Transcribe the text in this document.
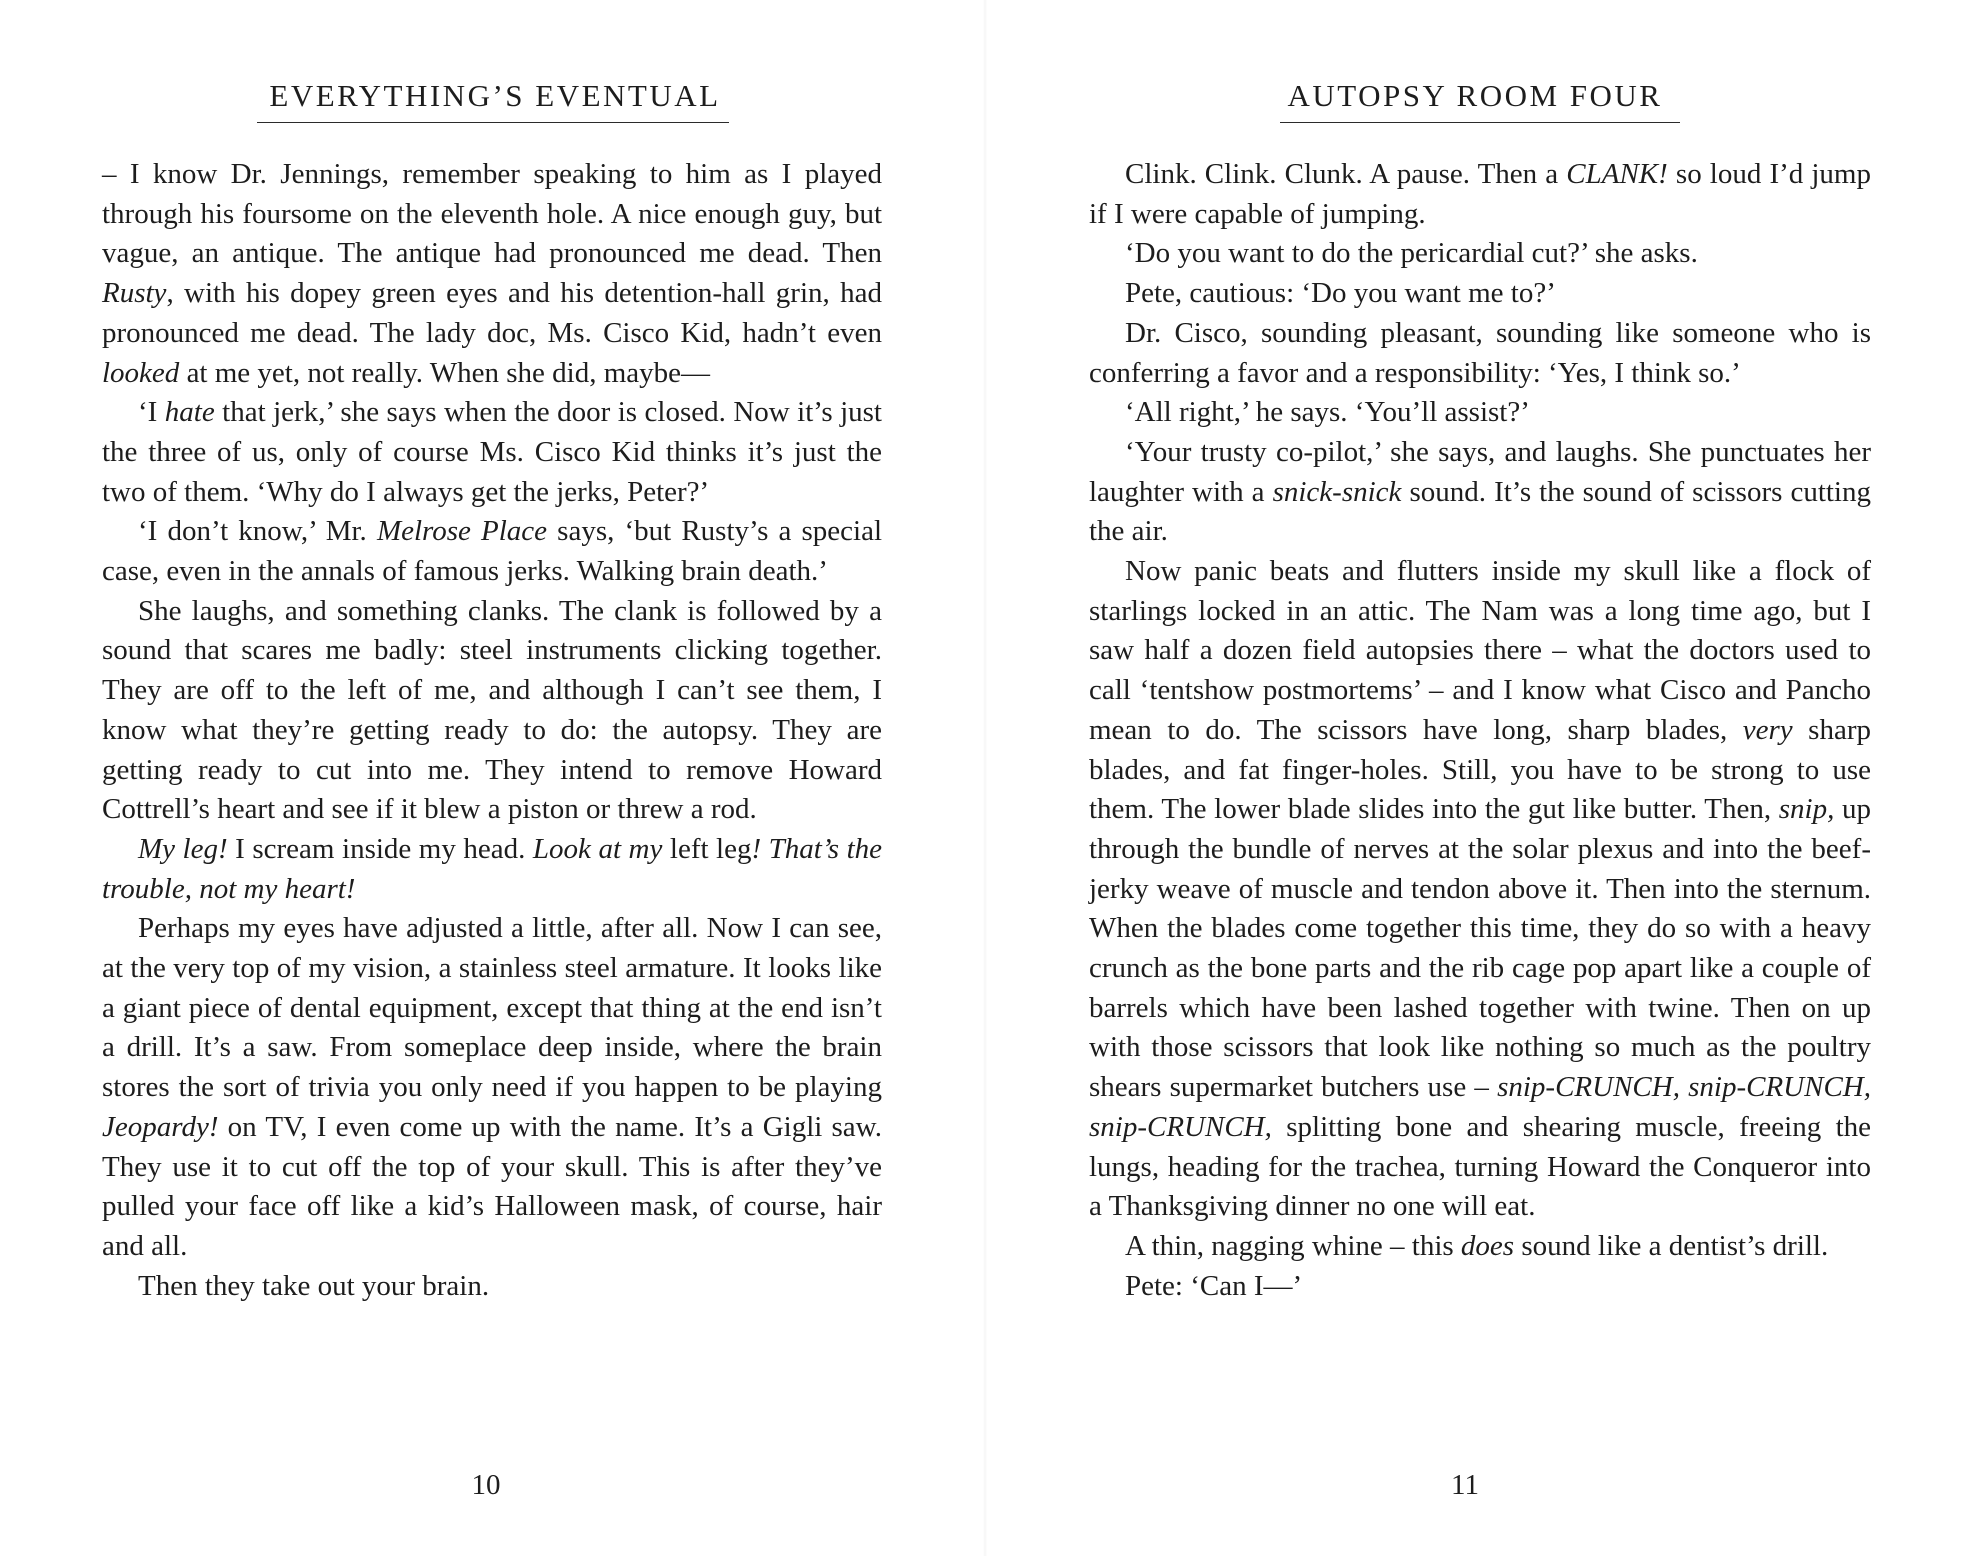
EVERYTHING’S EVENTUAL

– I know Dr. Jennings, remember speaking to him as I played through his foursome on the eleventh hole. A nice enough guy, but vague, an antique. The antique had pronounced me dead. Then Rusty, with his dopey green eyes and his detention-hall grin, had pronounced me dead. The lady doc, Ms. Cisco Kid, hadn’t even looked at me yet, not really. When she did, maybe—

‘I hate that jerk,’ she says when the door is closed. Now it’s just the three of us, only of course Ms. Cisco Kid thinks it’s just the two of them. ‘Why do I always get the jerks, Peter?’

‘I don’t know,’ Mr. Melrose Place says, ‘but Rusty’s a special case, even in the annals of famous jerks. Walking brain death.’

She laughs, and something clanks. The clank is followed by a sound that scares me badly: steel instruments clicking together. They are off to the left of me, and although I can’t see them, I know what they’re getting ready to do: the autopsy. They are getting ready to cut into me. They intend to remove Howard Cottrell’s heart and see if it blew a piston or threw a rod.

My leg! I scream inside my head. Look at my left leg! That’s the trouble, not my heart!

Perhaps my eyes have adjusted a little, after all. Now I can see, at the very top of my vision, a stainless steel armature. It looks like a giant piece of dental equipment, except that thing at the end isn’t a drill. It’s a saw. From someplace deep inside, where the brain stores the sort of trivia you only need if you happen to be playing Jeopardy! on TV, I even come up with the name. It’s a Gigli saw. They use it to cut off the top of your skull. This is after they’ve pulled your face off like a kid’s Halloween mask, of course, hair and all.

Then they take out your brain.

10
AUTOPSY ROOM FOUR

Clink. Clink. Clunk. A pause. Then a CLANK! so loud I’d jump if I were capable of jumping.

‘Do you want to do the pericardial cut?’ she asks.

Pete, cautious: ‘Do you want me to?’

Dr. Cisco, sounding pleasant, sounding like someone who is conferring a favor and a responsibility: ‘Yes, I think so.’

‘All right,’ he says. ‘You’ll assist?’

‘Your trusty co-pilot,’ she says, and laughs. She punctuates her laughter with a snick-snick sound. It’s the sound of scissors cutting the air.

Now panic beats and flutters inside my skull like a flock of starlings locked in an attic. The Nam was a long time ago, but I saw half a dozen field autopsies there – what the doctors used to call ‘tentshow postmortems’ – and I know what Cisco and Pancho mean to do. The scissors have long, sharp blades, very sharp blades, and fat finger-holes. Still, you have to be strong to use them. The lower blade slides into the gut like butter. Then, snip, up through the bundle of nerves at the solar plexus and into the beef-jerky weave of muscle and tendon above it. Then into the sternum. When the blades come together this time, they do so with a heavy crunch as the bone parts and the rib cage pop apart like a couple of barrels which have been lashed together with twine. Then on up with those scissors that look like nothing so much as the poultry shears supermarket butchers use – snip-CRUNCH, snip-CRUNCH, snip-CRUNCH, splitting bone and shearing muscle, freeing the lungs, heading for the trachea, turning Howard the Conqueror into a Thanksgiving dinner no one will eat.

A thin, nagging whine – this does sound like a dentist’s drill.

Pete: ‘Can I—’

11
